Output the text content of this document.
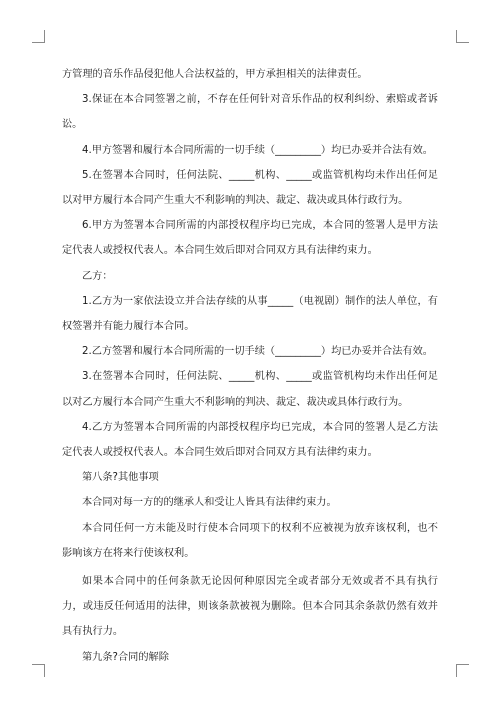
方管理的音乐作品侵犯他人合法权益的，甲方承担相关的法律责任。

3.保证在本合同签署之前，不存在任何针对音乐作品的权利纠纷、索赔或者诉讼。

4.甲方签署和履行本合同所需的一切手续（_________）均已办妥并合法有效。

5.在签署本合同时，任何法院、_____机构、_____或监管机构均未作出任何足以对甲方履行本合同产生重大不利影响的判决、裁定、裁决或具体行政行为。

6.甲方为签署本合同所需的内部授权程序均已完成，本合同的签署人是甲方法定代表人或授权代表人。本合同生效后即对合同双方具有法律约束力。

乙方：

1.乙方为一家依法设立并合法存续的从事_____（电视剧）制作的法人单位，有权签署并有能力履行本合同。

2.乙方签署和履行本合同所需的一切手续（_________）均已办妥并合法有效。

3.在签署本合同时，任何法院、_____机构、_____或监管机构均未作出任何足以对乙方履行本合同产生重大不利影响的判决、裁定、裁决或具体行政行为。

4.乙方为签署本合同所需的内部授权程序均已完成，本合同的签署人是乙方法定代表人或授权代表人。本合同生效后即对合同双方具有法律约束力。

第八条?其他事项

本合同对每一方的的继承人和受让人皆具有法律约束力。

本合同任何一方未能及时行使本合同项下的权利不应被视为放弃该权利，也不影响该方在将来行使该权利。

如果本合同中的任何条款无论因何种原因完全或者部分无效或者不具有执行力，或违反任何适用的法律，则该条款被视为删除。但本合同其余条款仍然有效并具有执行力。

第九条?合同的解除
